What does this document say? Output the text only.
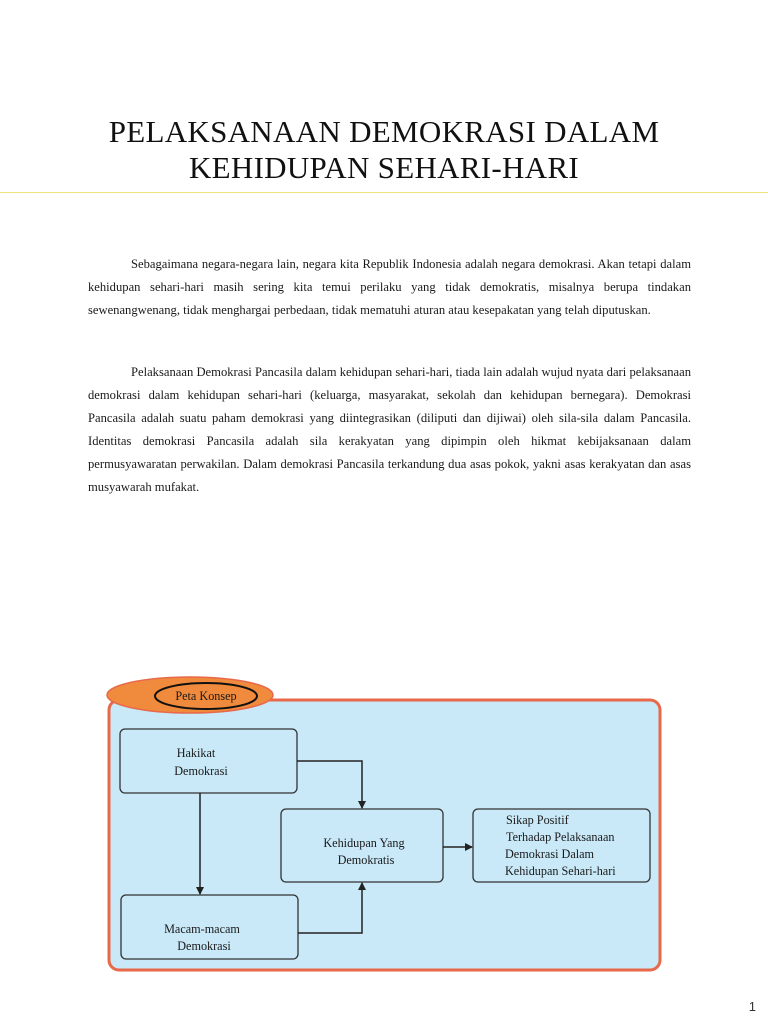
PELAKSANAAN DEMOKRASI DALAM
KEHIDUPAN SEHARI-HARI

Sebagaimana negara-negara lain, negara kita Republik Indonesia adalah negara demokrasi. Akan tetapi dalam kehidupan sehari-hari masih sering kita temui perilaku yang tidak demokratis, misalnya berupa tindakan sewenangwenang, tidak menghargai perbedaan, tidak mematuhi aturan atau kesepakatan yang telah diputuskan.

Pelaksanaan Demokrasi Pancasila dalam kehidupan sehari-hari, tiada lain adalah wujud nyata dari pelaksanaan demokrasi dalam kehidupan sehari-hari (keluarga, masyarakat, sekolah dan kehidupan bernegara). Demokrasi Pancasila adalah suatu paham demokrasi yang diintegrasikan (diliputi dan dijiwai) oleh sila-sila dalam Pancasila. Identitas demokrasi Pancasila adalah sila kerakyatan yang dipimpin oleh hikmat kebijaksanaan dalam permusyawaratan perwakilan. Dalam demokrasi Pancasila terkandung dua asas pokok, yakni asas kerakyatan dan asas musyawarah mufakat.

Peta Konsep
Hakikat
Demokrasi
Macam-macam
Demokrasi
Kehidupan Yang
Demokratis
Sikap Positif
Terhadap Pelaksanaan
Demokrasi Dalam
Kehidupan Sehari-hari
1
